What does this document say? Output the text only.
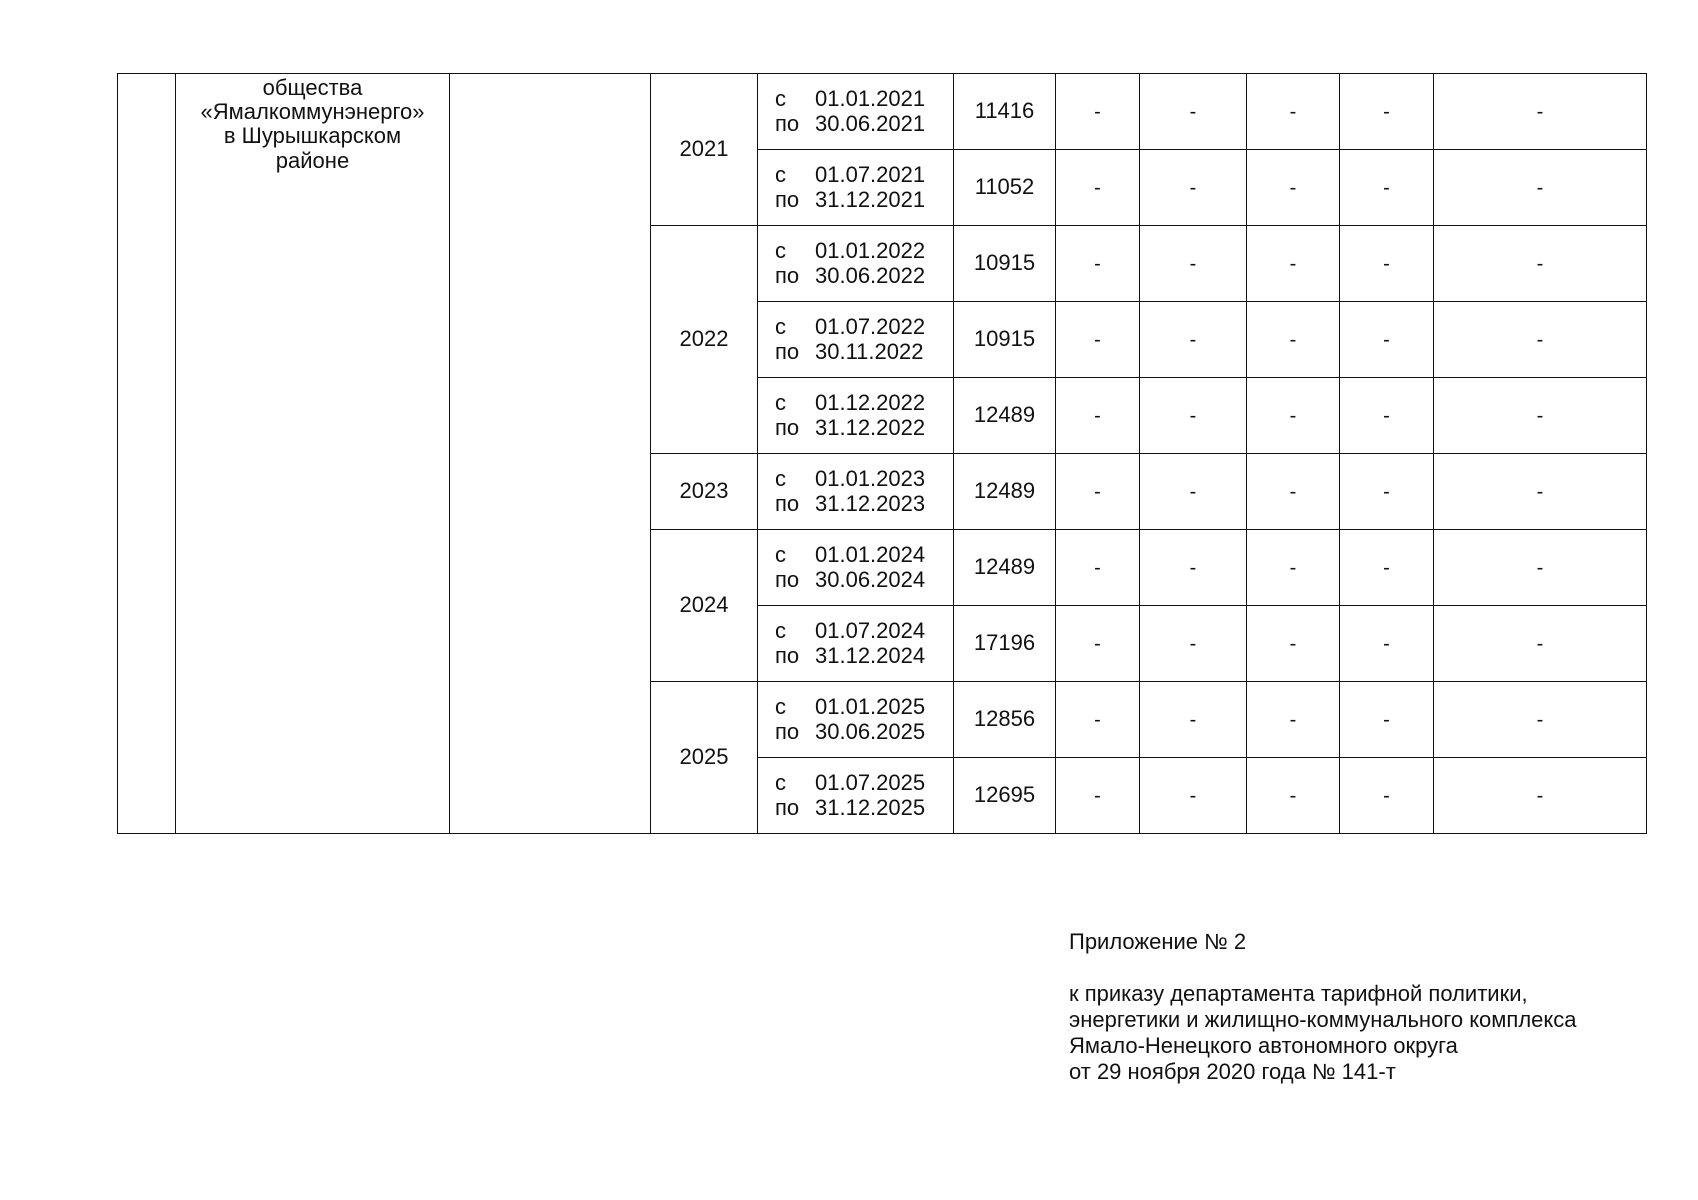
	общества
«Ямалкоммунэнерго»
в Шурышкарском
районе		2021	с 01.01.2021
по 30.06.2021	11416	-	-	-	-	-

				с 01.07.2021
по 31.12.2021	11052	-	-	-	-	-
			2022	с 01.01.2022
по 30.06.2022	10915	-	-	-	-	-

				с 01.07.2022
по 30.11.2022	10915	-	-	-	-	-

				с 01.12.2022
по 31.12.2022	12489	-	-	-	-	-
			2023	с 01.01.2023
по 31.12.2023	12489	-	-	-	-	-
			2024	с 01.01.2024
по 30.06.2024	12489	-	-	-	-	-

				с 01.07.2024
по 31.12.2024	17196	-	-	-	-	-
			2025	с 01.01.2025
по 30.06.2025	12856	-	-	-	-	-

				с 01.07.2025
по 31.12.2025	12695	-	-	-	-	-
Приложение № 2
к приказу департамента тарифной политики,
энергетики и жилищно-коммунального комплекса
Ямало-Ненецкого автономного округа
от 29 ноября 2020 года № 141-т
